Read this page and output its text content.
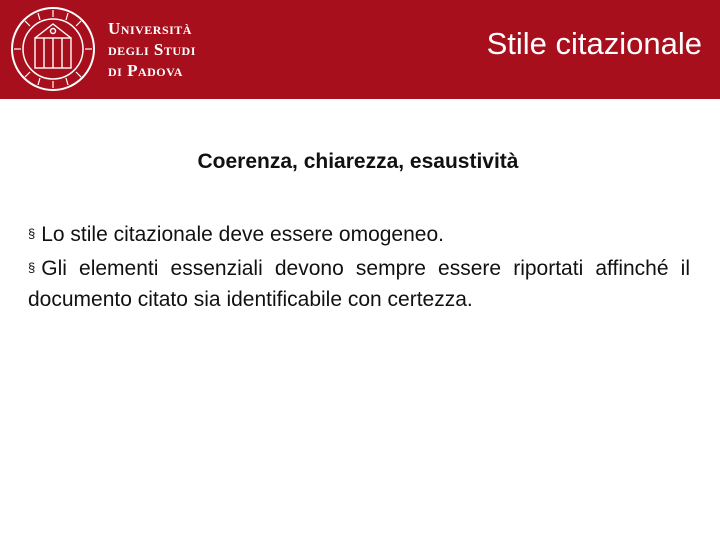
Università
degli Studi
di Padova
Stile citazionale
Coerenza, chiarezza, esaustività
§ Lo stile citazionale deve essere omogeneo.
§ Gli elementi essenziali devono sempre essere riportati affinché il documento citato sia identificabile con certezza.
